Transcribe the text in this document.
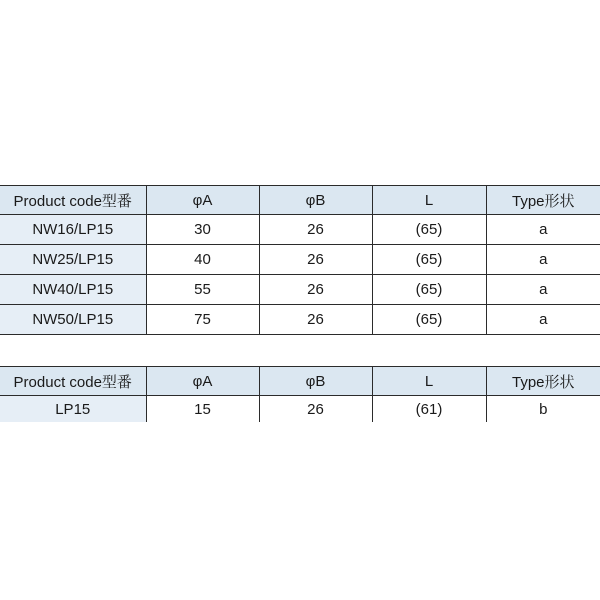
Product code型番	φA	φB	L	Type形状
NW16/LP15	30	26	(65)	a
NW25/LP15	40	26	(65)	a
NW40/LP15	55	26	(65)	a
NW50/LP15	75	26	(65)	a
Product code型番	φA	φB	L	Type形状
LP15	15	26	(61)	b
